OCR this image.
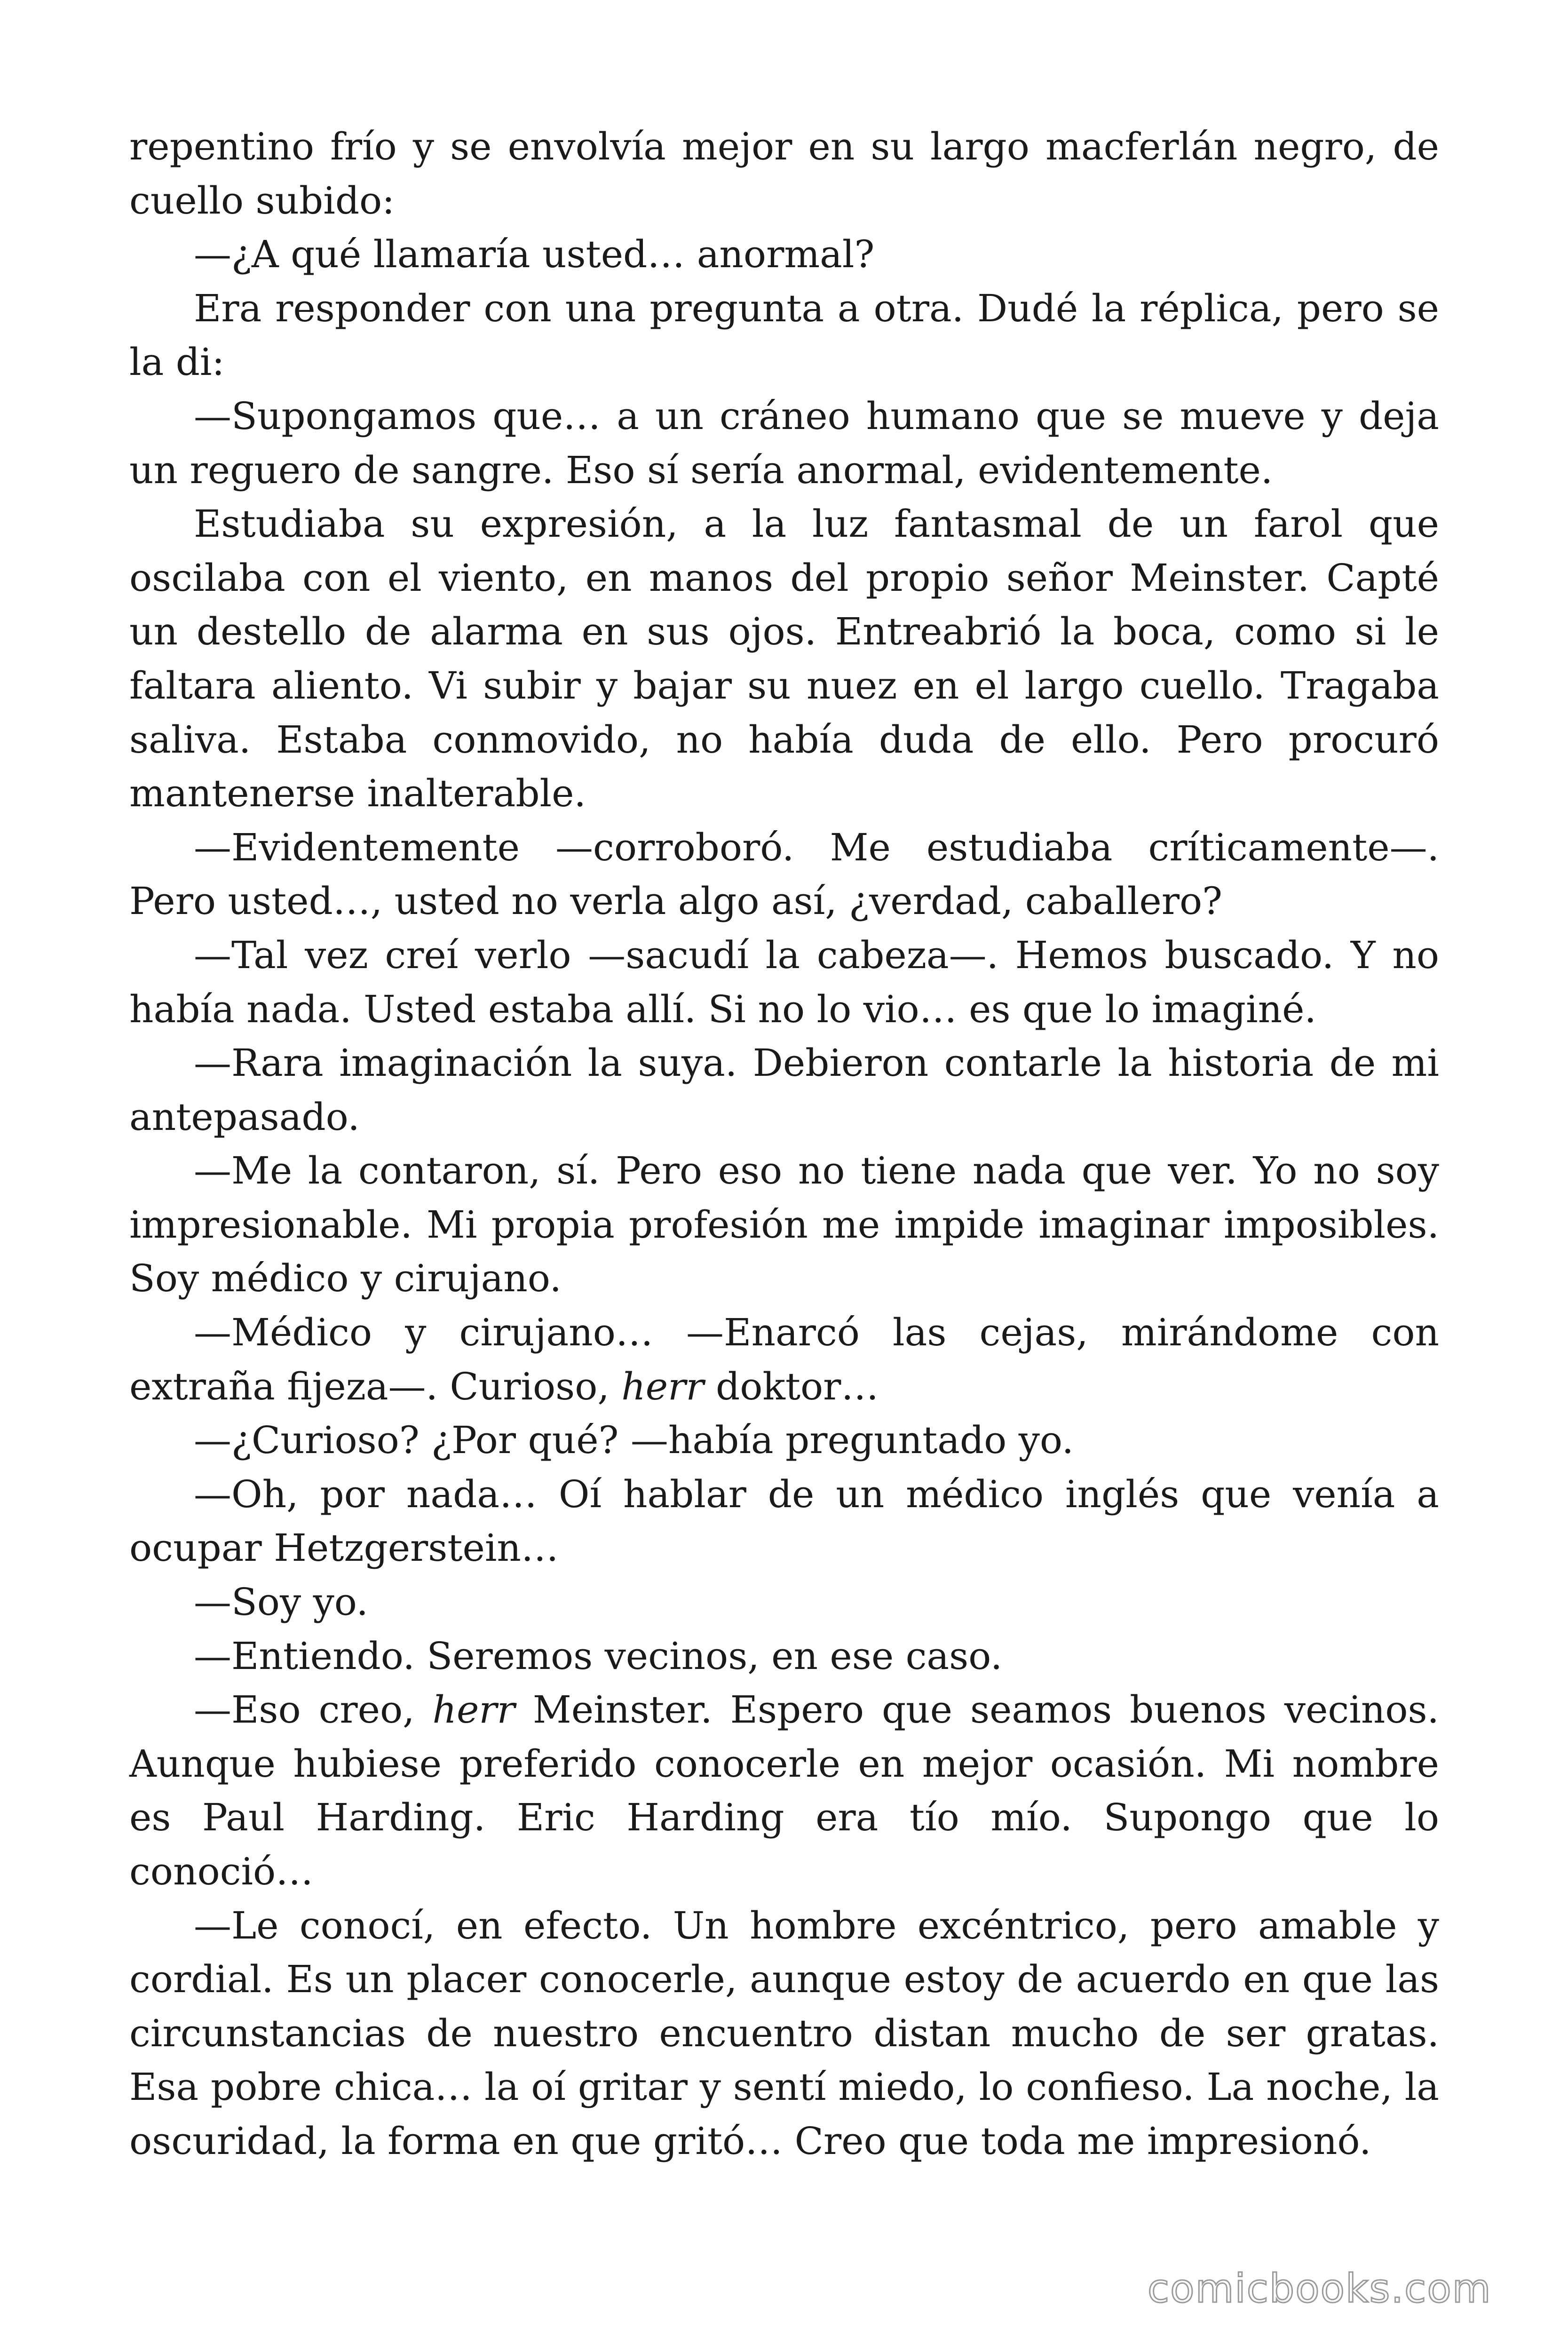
repentino frío y se envolvía mejor en su largo macferlán negro, de cuello subido:

—¿A qué llamaría usted… anormal?

Era responder con una pregunta a otra. Dudé la réplica, pero se la di:

—Supongamos que… a un cráneo humano que se mueve y deja un reguero de sangre. Eso sí sería anormal, evidentemente.

Estudiaba su expresión, a la luz fantasmal de un farol que oscilaba con el viento, en manos del propio señor Meinster. Capté un destello de alarma en sus ojos. Entreabrió la boca, como si le faltara aliento. Vi subir y bajar su nuez en el largo cuello. Tragaba saliva. Estaba conmovido, no había duda de ello. Pero procuró mantenerse inalterable.

—Evidentemente —corroboró. Me estudiaba críticamente—. Pero usted…, usted no verla algo así, ¿verdad, caballero?

—Tal vez creí verlo —sacudí la cabeza—. Hemos buscado. Y no había nada. Usted estaba allí. Si no lo vio… es que lo imaginé.

—Rara imaginación la suya. Debieron contarle la historia de mi antepasado.

—Me la contaron, sí. Pero eso no tiene nada que ver. Yo no soy impresionable. Mi propia profesión me impide imaginar imposibles. Soy médico y cirujano.

—Médico y cirujano… —Enarcó las cejas, mirándome con extraña fijeza—. Curioso, herr doktor…

—¿Curioso? ¿Por qué? —había preguntado yo.

—Oh, por nada… Oí hablar de un médico inglés que venía a ocupar Hetzgerstein…

—Soy yo.

—Entiendo. Seremos vecinos, en ese caso.

—Eso creo, herr Meinster. Espero que seamos buenos vecinos. Aunque hubiese preferido conocerle en mejor ocasión. Mi nombre es Paul Harding. Eric Harding era tío mío. Supongo que lo conoció…

—Le conocí, en efecto. Un hombre excéntrico, pero amable y cordial. Es un placer conocerle, aunque estoy de acuerdo en que las circunstancias de nuestro encuentro distan mucho de ser gratas. Esa pobre chica… la oí gritar y sentí miedo, lo confieso. La noche, la oscuridad, la forma en que gritó… Creo que toda me impresionó.

comicbooks.com
